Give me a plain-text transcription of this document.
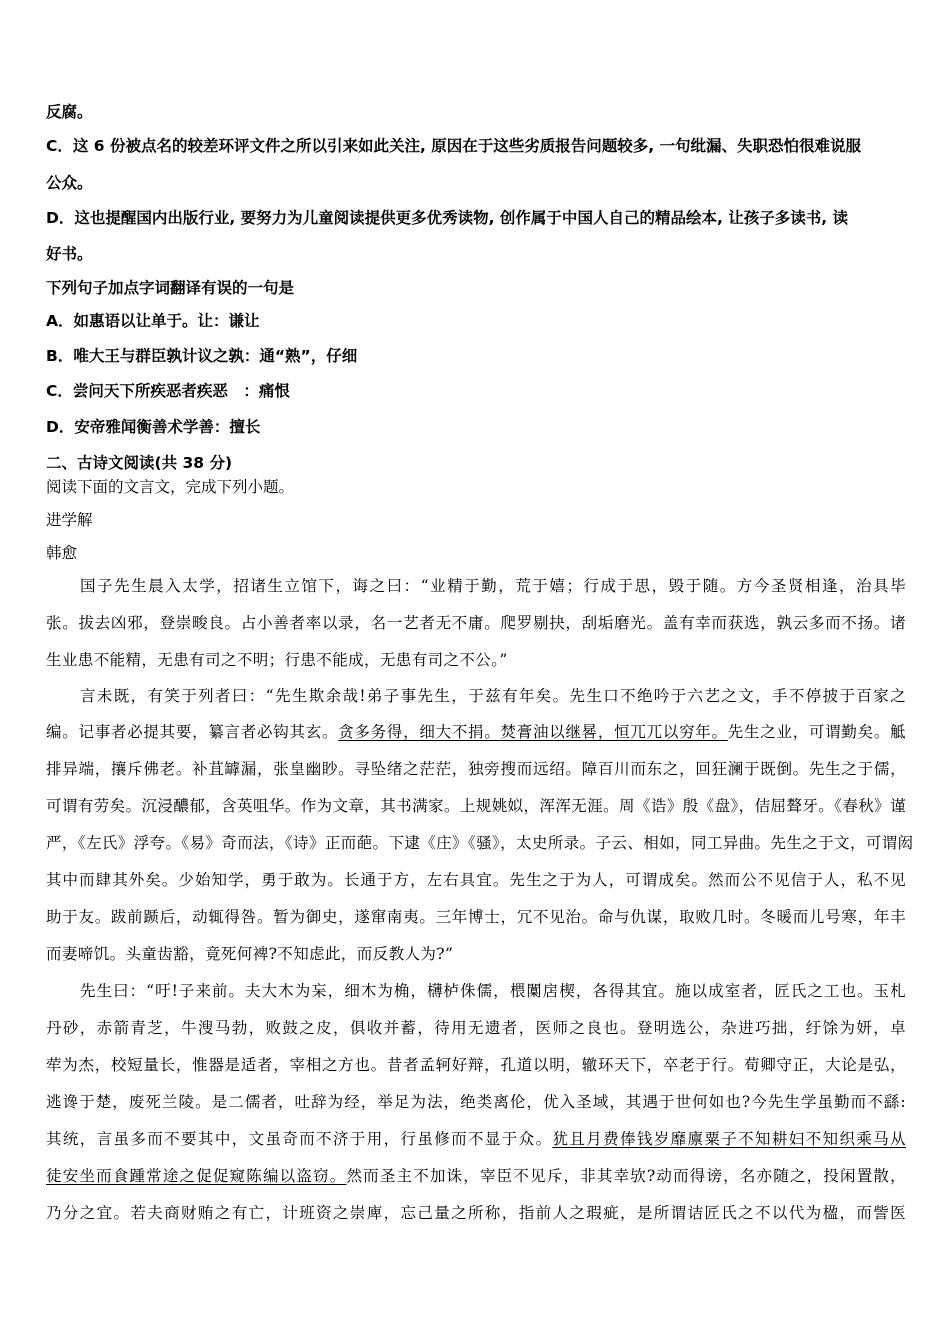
反腐。
C．这 6 份被点名的较差环评文件之所以引来如此关注, 原因在于这些劣质报告问题较多, 一句纰漏、失职恐怕很难说服
公众。
D．这也提醒国内出版行业, 要努力为儿童阅读提供更多优秀读物, 创作属于中国人自己的精品绘本, 让孩子多读书, 读
好书。
下列句子加点字词翻译有误的一句是
A．如惠语以让单于。让：谦让
B．唯大王与群臣孰计议之孰：通“熟”，仔细
C．尝问天下所疾恶者疾恶　：痛恨
D．安帝雅闻衡善术学善：擅长
二、古诗文阅读(共 38 分)
阅读下面的文言文，完成下列小题。
进学解
韩愈
国子先生晨入太学，招诸生立馆下，诲之曰：“业精于勤，荒于嬉；行成于思，毁于随。方今圣贤相逢，治具毕
张。拔去凶邪，登崇畯良。占小善者率以录，名一艺者无不庸。爬罗剔抉，刮垢磨光。盖有幸而获选，孰云多而不扬。诸
生业患不能精，无患有司之不明；行患不能成，无患有司之不公。”
言未既，有笑于列者曰：“先生欺余哉!弟子事先生，于兹有年矣。先生口不绝吟于六艺之文，手不停披于百家之
编。记事者必提其要，纂言者必钩其玄。贪多务得，细大不捐。焚膏油以继晷，恒兀兀以穷年。先生之业，可谓勤矣。觝
排异端，攘斥佛老。补苴罅漏，张皇幽眇。寻坠绪之茫茫，独旁搜而远绍。障百川而东之，回狂澜于既倒。先生之于儒，
可谓有劳矣。沉浸醲郁，含英咀华。作为文章，其书满家。上规姚姒，浑浑无涯。周《诰》殷《盘》，佶屈聱牙。《春秋》谨
严，《左氏》浮夸。《易》奇而法，《诗》正而葩。下逮《庄》《骚》，太史所录。子云、相如，同工异曲。先生之于文，可谓闳
其中而肆其外矣。少始知学，勇于敢为。长通于方，左右具宜。先生之于为人，可谓成矣。然而公不见信于人，私不见
助于友。跋前踬后，动辄得咎。暂为御史，遂窜南夷。三年博士，冗不见治。命与仇谋，取败几时。冬暖而儿号寒，年丰
而妻啼饥。头童齿豁，竟死何裨?不知虑此，而反教人为?”
先生曰：“吁!子来前。夫大木为杗，细木为桷，欂栌侏儒，椳闑扂楔，各得其宜。施以成室者，匠氏之工也。玉札
丹砂，赤箭青芝，牛溲马勃，败鼓之皮，俱收并蓄，待用无遗者，医师之良也。登明选公，杂进巧拙，纡馀为妍，卓
荦为杰，校短量长，惟器是适者，宰相之方也。昔者孟轲好辩，孔道以明，辙环天下，卒老于行。荀卿守正，大论是弘，
逃谗于楚，废死兰陵。是二儒者，吐辞为经，举足为法，绝类离伦，优入圣域，其遇于世何如也?今先生学虽勤而不繇:
其统，言虽多而不要其中，文虽奇而不济于用，行虽修而不显于众。犹且月费俸钱岁靡廪粟子不知耕妇不知织乘马从
徒安坐而食踵常途之促促窥陈编以盗窃。然而圣主不加诛，宰臣不见斥，非其幸欤?动而得谤，名亦随之，投闲置散，
乃分之宜。若夫商财贿之有亡，计班资之崇庳，忘己量之所称，指前人之瑕疵，是所谓诘匠氏之不以代为楹，而訾医
